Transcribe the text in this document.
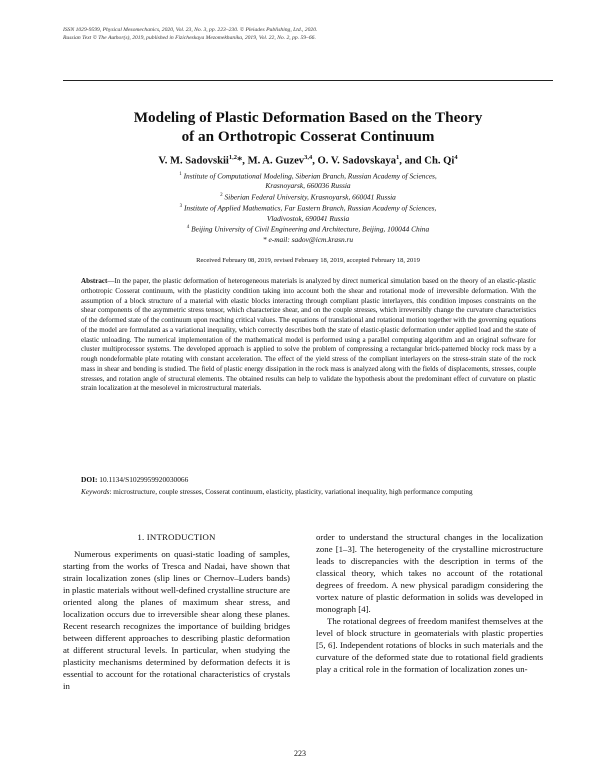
ISSN 1029-9599, Physical Mesomechanics, 2020, Vol. 23, No. 3, pp. 223–230. © Pleiades Publishing, Ltd., 2020.
Russian Text © The Author(s), 2019, published in Fizicheskaya Mezomekhanika, 2019, Vol. 22, No. 2, pp. 59–66.
Modeling of Plastic Deformation Based on the Theory
of an Orthotropic Cosserat Continuum
V. M. Sadovskii$^{1,2}$*, M. A. Guzev$^{3,4}$, O. V. Sadovskaya$^1$, and Ch. Qi$^4$
$^1$ Institute of Computational Modeling, Siberian Branch, Russian Academy of Sciences,
Krasnoyarsk, 660036 Russia
$^2$ Siberian Federal University, Krasnoyarsk, 660041 Russia
$^3$ Institute of Applied Mathematics, Far Eastern Branch, Russian Academy of Sciences,
Vladivostok, 690041 Russia
$^4$ Beijing University of Civil Engineering and Architecture, Beijing, 100044 China
* e-mail: sadov@icm.krasn.ru
Received February 08, 2019, revised February 18, 2019, accepted February 18, 2019
Abstract—In the paper, the plastic deformation of heterogeneous materials is analyzed by direct numerical simulation based on the theory of an elastic-plastic orthotropic Cosserat continuum, with the plasticity condition taking into account both the shear and rotational mode of irreversible deformation. With the assumption of a block structure of a material with elastic blocks interacting through compliant plastic interlayers, this condition imposes constraints on the shear components of the asymmetric stress tensor, which characterize shear, and on the couple stresses, which irreversibly change the curvature characteristics of the deformed state of the continuum upon reaching critical values. The equations of translational and rotational motion together with the governing equations of the model are formulated as a variational inequality, which correctly describes both the state of elastic-plastic deformation under applied load and the state of elastic unloading. The numerical implementation of the mathematical model is performed using a parallel computing algorithm and an original software for cluster multiprocessor systems. The developed approach is applied to solve the problem of compressing a rectangular brick-patterned blocky rock mass by a rough nondeformable plate rotating with constant acceleration. The effect of the yield stress of the compliant interlayers on the stress-strain state of the rock mass in shear and bending is studied. The field of plastic energy dissipation in the rock mass is analyzed along with the fields of displacements, stresses, couple stresses, and rotation angle of structural elements. The obtained results can help to validate the hypothesis about the predominant effect of curvature on plastic strain localization at the mesolevel in microstructural materials.
DOI: 10.1134/S1029959920030066
Keywords: microstructure, couple stresses, Cosserat continuum, elasticity, plasticity, variational inequality, high performance computing
1. INTRODUCTION

Numerous experiments on quasi-static loading of samples, starting from the works of Tresca and Nadai, have shown that strain localization zones (slip lines or Chernov–Luders bands) in plastic materials without well-defined crystalline structure are oriented along the planes of maximum shear stress, and localization occurs due to irreversible shear along these planes. Recent research recognizes the importance of building bridges between different approaches to describing plastic deformation at different structural levels. In particular, when studying the plasticity mechanisms determined by deformation defects it is essential to account for the rotational characteristics of crystals in

order to understand the structural changes in the localization zone [1–3]. The heterogeneity of the crystalline microstructure leads to discrepancies with the description in terms of the classical theory, which takes no account of the rotational degrees of freedom. A new physical paradigm considering the vortex nature of plastic deformation in solids was developed in monograph [4].

The rotational degrees of freedom manifest themselves at the level of block structure in geomaterials with plastic properties [5, 6]. Independent rotations of blocks in such materials and the curvature of the deformed state due to rotational field gradients play a critical role in the formation of localization zones un-

223
